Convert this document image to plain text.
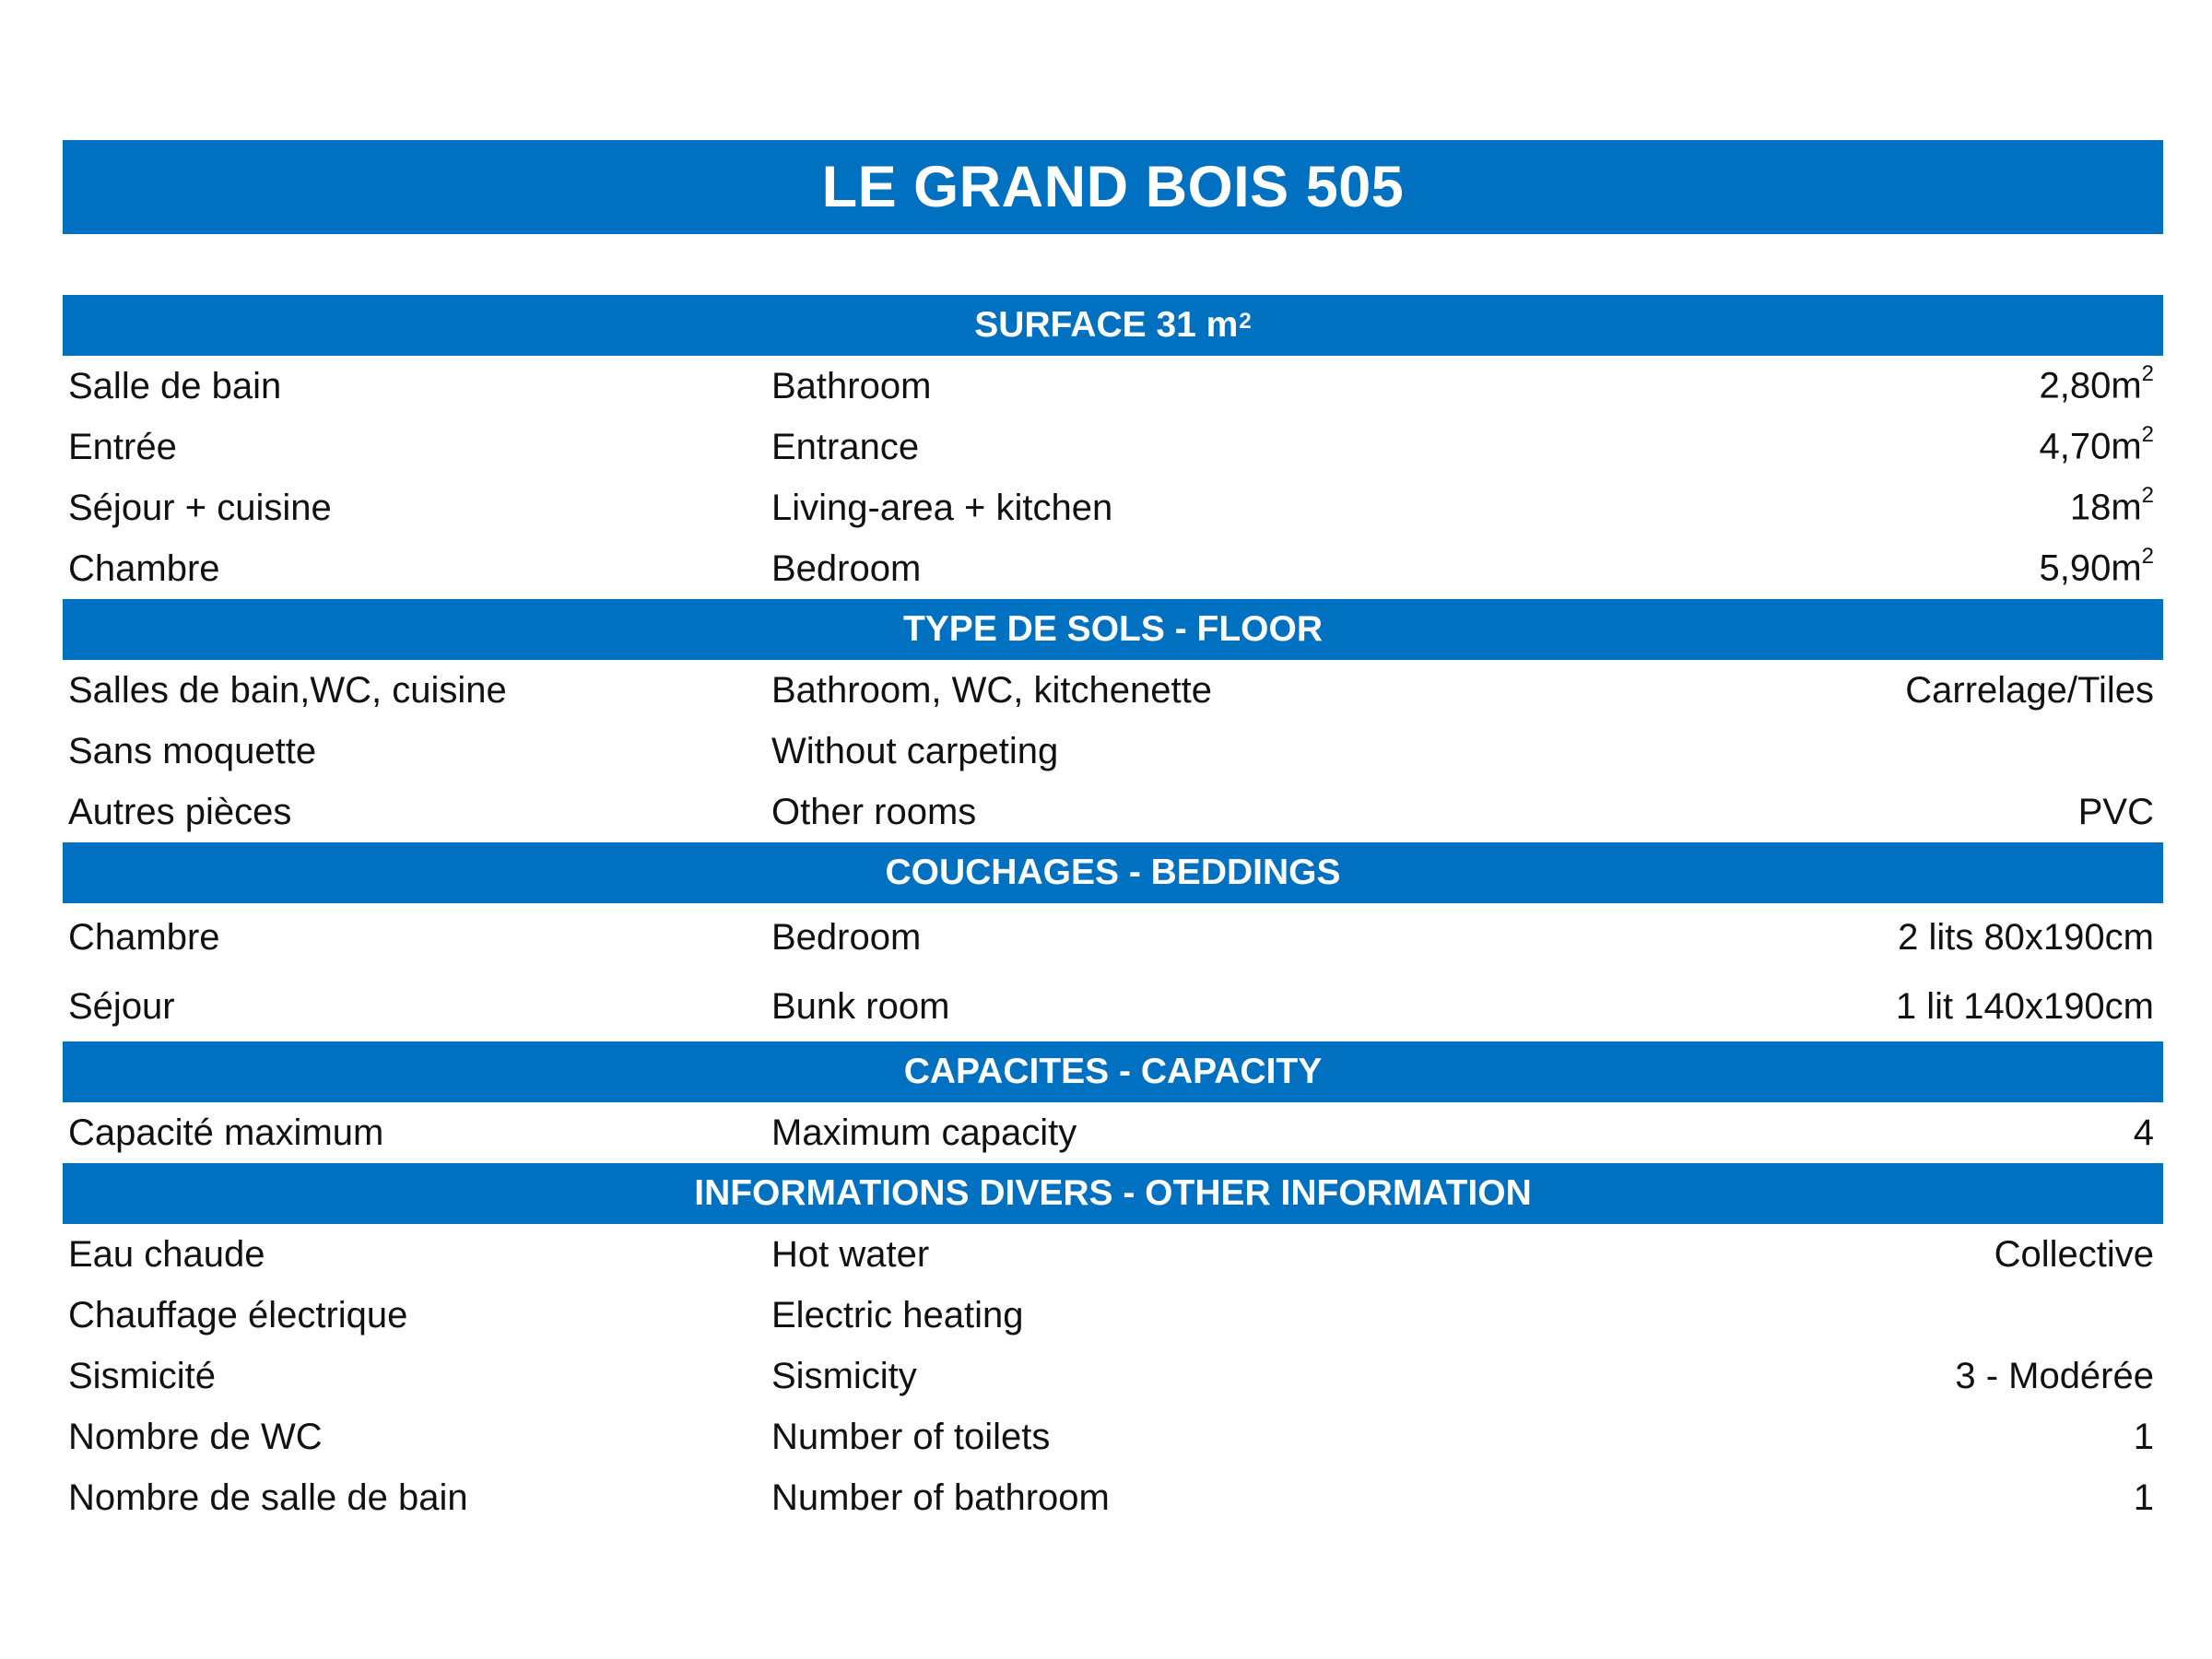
LE GRAND BOIS 505
SURFACE 31 $m^2$
Salle de bain	Bathroom	$2,80m^2$
Entrée	Entrance	$4,70m^2$
Séjour + cuisine	Living-area + kitchen	$18m^2$
Chambre	Bedroom	$5,90m^2$
TYPE DE SOLS - FLOOR
Salles de bain,WC, cuisine	Bathroom, WC, kitchenette	Carrelage/Tiles
Sans moquette	Without carpeting
Autres pièces	Other rooms	PVC
COUCHAGES - BEDDINGS
Chambre	Bedroom	2 lits 80x190cm
Séjour	Bunk room	1 lit 140x190cm
CAPACITES - CAPACITY
Capacité maximum	Maximum capacity	4
INFORMATIONS DIVERS - OTHER INFORMATION
Eau chaude	Hot water	Collective
Chauffage électrique	Electric heating
Sismicité	Sismicity	3 - Modérée
Nombre de WC	Number of toilets	1
Nombre de salle de bain	Number of bathroom	1
